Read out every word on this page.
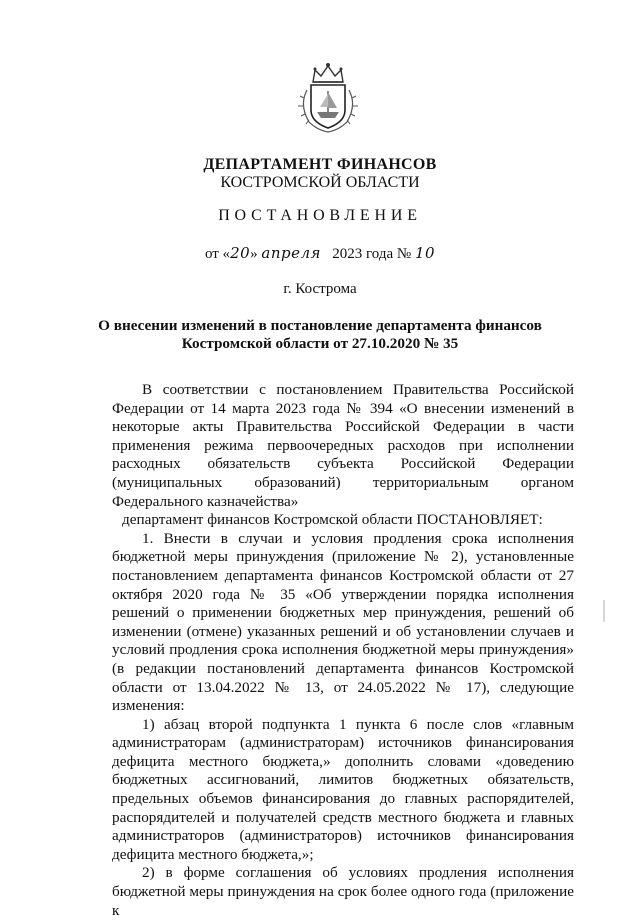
ДЕПАРТАМЕНТ ФИНАНСОВ
КОСТРОМСКОЙ ОБЛАСТИ
ПОСТАНОВЛЕНИЕ
от «20» апреля 2023 года № 10
г. Кострома
О внесении изменений в постановление департамента финансов
Костромской области от 27.10.2020 № 35

В соответствии с постановлением Правительства Российской Федерации от 14 марта 2023 года № 394 «О внесении изменений в некоторые акты Правительства Российской Федерации в части применения режима первоочередных расходов при исполнении расходных обязательств субъекта Российской Федерации (муниципальных образований) территориальным органом Федерального казначейства»

департамент финансов Костромской области ПОСТАНОВЛЯЕТ:

1. Внести в случаи и условия продления срока исполнения бюджетной меры принуждения (приложение № 2), установленные постановлением департамента финансов Костромской области от 27 октября 2020 года № 35 «Об утверждении порядка исполнения решений о применении бюджетных мер принуждения, решений об изменении (отмене) указанных решений и об установлении случаев и условий продления срока исполнения бюджетной меры принуждения» (в редакции постановлений департамента финансов Костромской области от 13.04.2022 № 13, от 24.05.2022 № 17), следующие изменения:

1) абзац второй подпункта 1 пункта 6 после слов «главным администраторам (администраторам) источников финансирования дефицита местного бюджета,» дополнить словами «доведению бюджетных ассигнований, лимитов бюджетных обязательств, предельных объемов финансирования до главных распорядителей, распорядителей и получателей средств местного бюджета и главных администраторов (администраторов) источников финансирования дефицита местного бюджета,»;

2) в форме соглашения об условиях продления исполнения бюджетной меры принуждения на срок более одного года (приложение к
